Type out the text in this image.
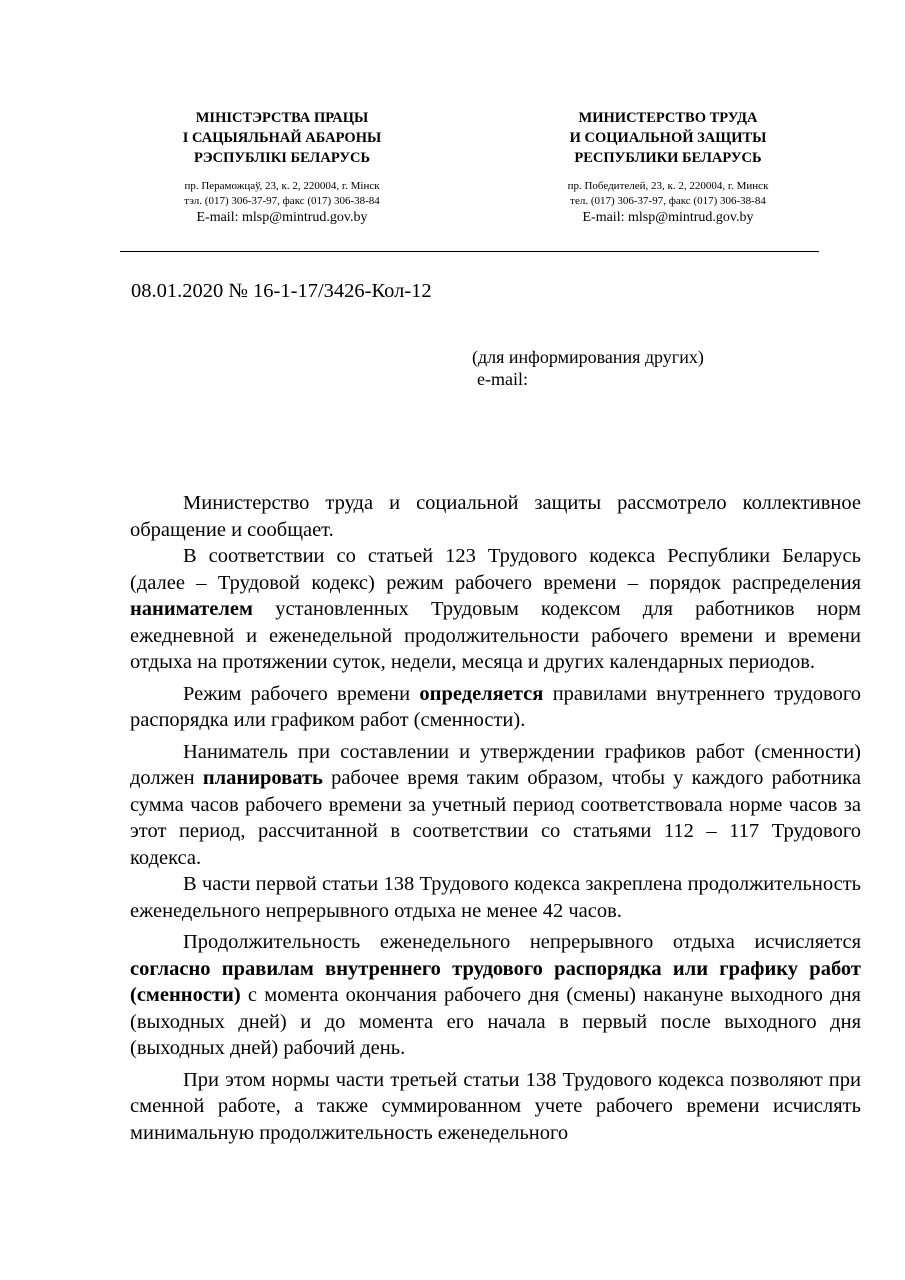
МІНІСТЭРСТВА ПРАЦЫ
І САЦЫЯЛЬНАЙ АБАРОНЫ
РЭСПУБЛІКІ БЕЛАРУСЬ
пр. Пераможцаў, 23, к. 2, 220004, г. Мінск
тэл. (017) 306-37-97, факс (017) 306-38-84
E-mail: mlsp@mintrud.gov.by
МИНИСТЕРСТВО ТРУДА
И СОЦИАЛЬНОЙ ЗАЩИТЫ
РЕСПУБЛИКИ БЕЛАРУСЬ
пр. Победителей, 23, к. 2, 220004, г. Минск
тел. (017) 306-37-97, факс (017) 306-38-84
E-mail: mlsp@mintrud.gov.by
08.01.2020 № 16-1-17/3426-Кол-12
(для информирования других)
e-mail:

Министерство труда и социальной защиты рассмотрело коллективное обращение и сообщает.

В соответствии со статьей 123 Трудового кодекса Республики Беларусь (далее – Трудовой кодекс) режим рабочего времени – порядок распределения нанимателем установленных Трудовым кодексом для работников норм ежедневной и еженедельной продолжительности рабочего времени и времени отдыха на протяжении суток, недели, месяца и других календарных периодов.

Режим рабочего времени определяется правилами внутреннего трудового распорядка или графиком работ (сменности).

Наниматель при составлении и утверждении графиков работ (сменности) должен планировать рабочее время таким образом, чтобы у каждого работника сумма часов рабочего времени за учетный период соответствовала норме часов за этот период, рассчитанной в соответствии со статьями 112 – 117 Трудового кодекса.

В части первой статьи 138 Трудового кодекса закреплена продолжительность еженедельного непрерывного отдыха не менее 42 часов.

Продолжительность еженедельного непрерывного отдыха исчисляется согласно правилам внутреннего трудового распорядка или графику работ (сменности) с момента окончания рабочего дня (смены) накануне выходного дня (выходных дней) и до момента его начала в первый после выходного дня (выходных дней) рабочий день.

При этом нормы части третьей статьи 138 Трудового кодекса позволяют при сменной работе, а также суммированном учете рабочего времени исчислять минимальную продолжительность еженедельного
